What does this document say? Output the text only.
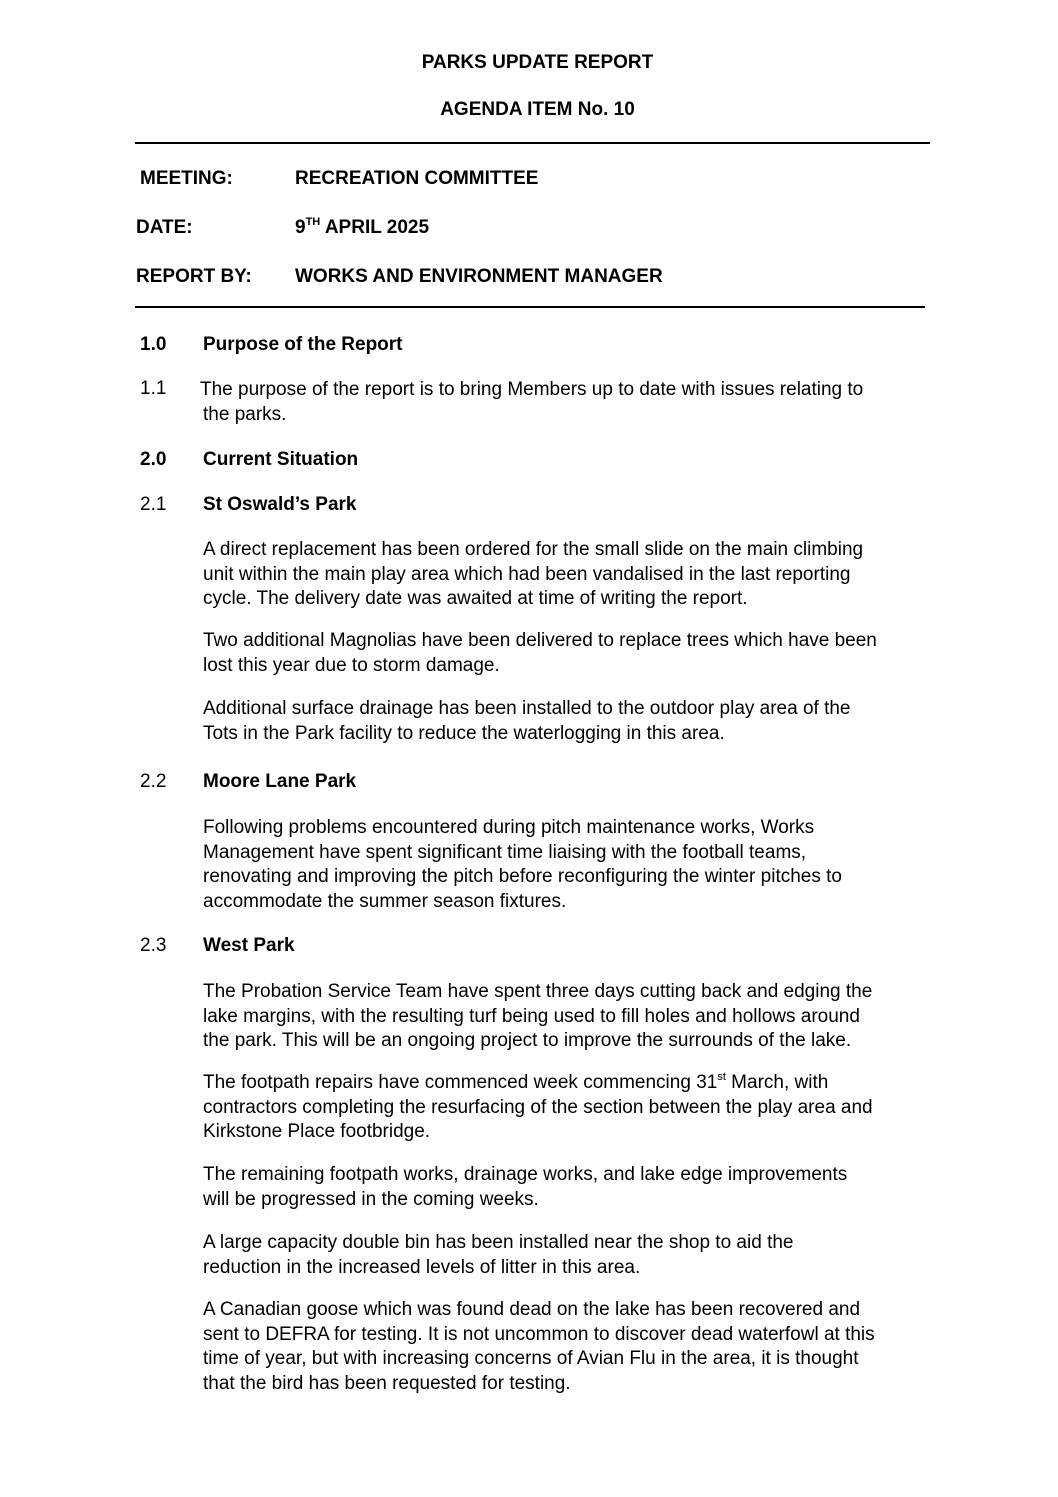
PARKS UPDATE REPORT
AGENDA ITEM No. 10
MEETING:	RECREATION COMMITTEE
DATE:	9TH APRIL 2025
REPORT BY: WORKS AND ENVIRONMENT MANAGER
1.0 Purpose of the Report
1.1 The purpose of the report is to bring Members up to date with issues relating to
the parks.
2.0 Current Situation
2.1 St Oswald’s Park
A direct replacement has been ordered for the small slide on the main climbing
unit within the main play area which had been vandalised in the last reporting
cycle. The delivery date was awaited at time of writing the report.
Two additional Magnolias have been delivered to replace trees which have been
lost this year due to storm damage.
Additional surface drainage has been installed to the outdoor play area of the
Tots in the Park facility to reduce the waterlogging in this area.
2.2 Moore Lane Park
Following problems encountered during pitch maintenance works, Works
Management have spent significant time liaising with the football teams,
renovating and improving the pitch before reconfiguring the winter pitches to
accommodate the summer season fixtures.
2.3 West Park
The Probation Service Team have spent three days cutting back and edging the
lake margins, with the resulting turf being used to fill holes and hollows around
the park. This will be an ongoing project to improve the surrounds of the lake.
The footpath repairs have commenced week commencing 31st March, with
contractors completing the resurfacing of the section between the play area and
Kirkstone Place footbridge.
The remaining footpath works, drainage works, and lake edge improvements
will be progressed in the coming weeks.
A large capacity double bin has been installed near the shop to aid the
reduction in the increased levels of litter in this area.
A Canadian goose which was found dead on the lake has been recovered and
sent to DEFRA for testing. It is not uncommon to discover dead waterfowl at this
time of year, but with increasing concerns of Avian Flu in the area, it is thought
that the bird has been requested for testing.
